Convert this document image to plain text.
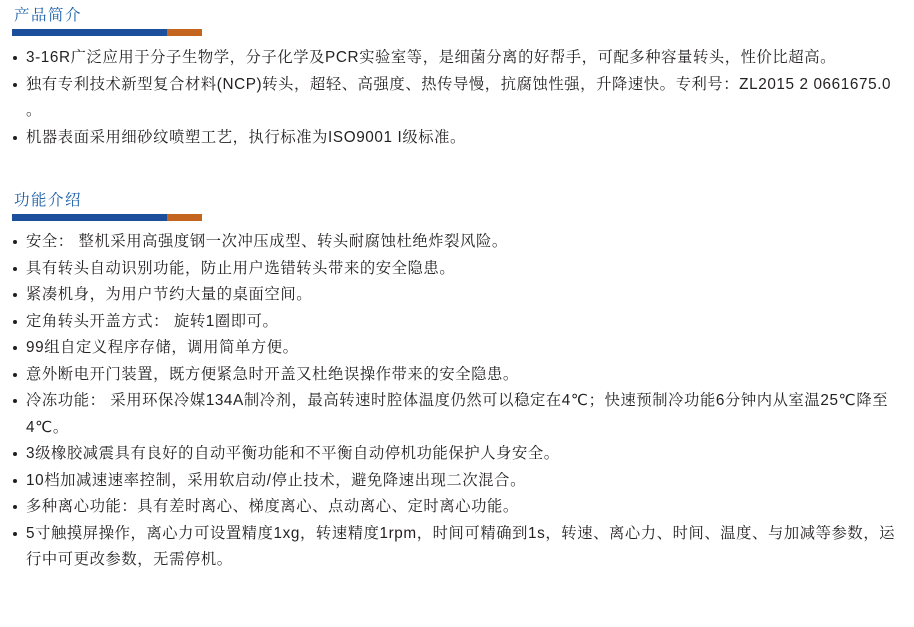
产品简介
3-16R广泛应用于分子生物学，分子化学及PCR实验室等，是细菌分离的好帮手，可配多种容量转头，性价比超高。
独有专利技术新型复合材料(NCP)转头，超轻、高强度、热传导慢，抗腐蚀性强，升降速快。专利号：ZL2015 2 0661675.0 。
机器表面采用细砂纹喷塑工艺，执行标准为ISO9001 I级标准。
功能介绍
安全： 整机采用高强度钢一次冲压成型、转头耐腐蚀杜绝炸裂风险。
具有转头自动识别功能，防止用户选错转头带来的安全隐患。
紧凑机身，为用户节约大量的桌面空间。
定角转头开盖方式： 旋转1圈即可。
99组自定义程序存储，调用简单方便。
意外断电开门装置，既方便紧急时开盖又杜绝误操作带来的安全隐患。
冷冻功能： 采用环保冷媒134A制冷剂，最高转速时腔体温度仍然可以稳定在4℃；快速预制冷功能6分钟内从室温25℃降至4℃。
3级橡胶减震具有良好的自动平衡功能和不平衡自动停机功能保护人身安全。
10档加减速速率控制，采用软启动/停止技术，避免降速出现二次混合。
多种离心功能：具有差时离心、梯度离心、点动离心、定时离心功能。
5寸触摸屏操作，离心力可设置精度1xg，转速精度1rpm，时间可精确到1s，转速、离心力、时间、温度、与加减等参数，运行中可更改参数，无需停机。
